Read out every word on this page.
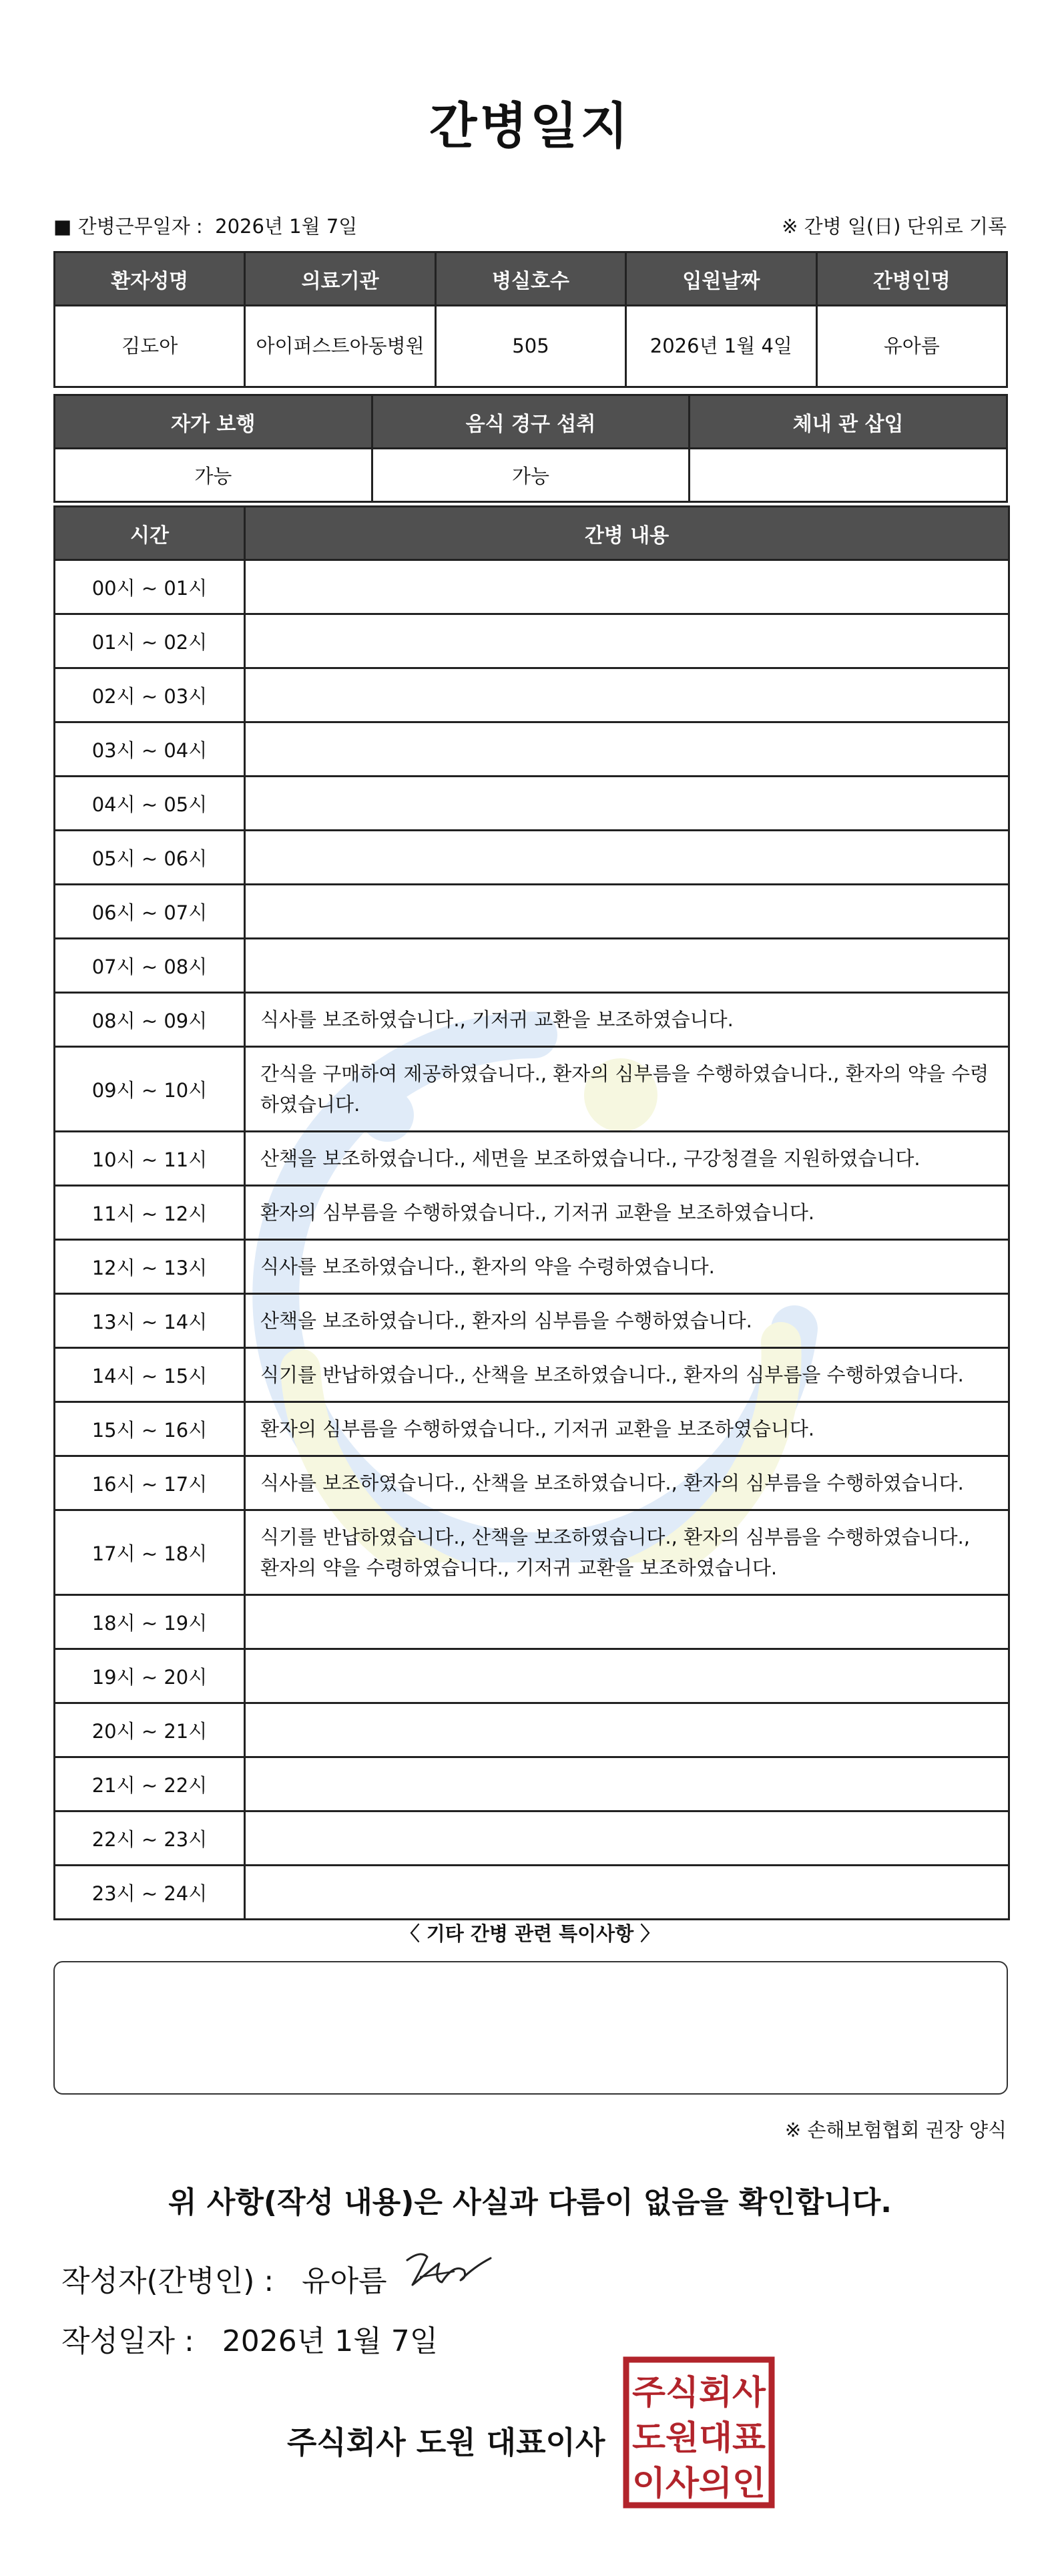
간병일지
■ 간병근무일자 : 2026년 1월 7일	※ 간병 일(日) 단위로 기록
환자성명	의료기관	병실호수	입원날짜	간병인명
김도아	아이퍼스트아동병원	505	2026년 1월 4일	유아름
자가 보행	음식 경구 섭취	체내 관 삽입
가능	가능	
시간	간병 내용
00시 ~ 01시	
01시 ~ 02시	
02시 ~ 03시	
03시 ~ 04시	
04시 ~ 05시	
05시 ~ 06시	
06시 ~ 07시	
07시 ~ 08시	
08시 ~ 09시	식사를 보조하였습니다., 기저귀 교환을 보조하였습니다.
09시 ~ 10시	간식을 구매하여 제공하였습니다., 환자의 심부름을 수행하였습니다., 환자의 약을 수령하였습니다.
10시 ~ 11시	산책을 보조하였습니다., 세면을 보조하였습니다., 구강청결을 지원하였습니다.
11시 ~ 12시	환자의 심부름을 수행하였습니다., 기저귀 교환을 보조하였습니다.
12시 ~ 13시	식사를 보조하였습니다., 환자의 약을 수령하였습니다.
13시 ~ 14시	산책을 보조하였습니다., 환자의 심부름을 수행하였습니다.
14시 ~ 15시	식기를 반납하였습니다., 산책을 보조하였습니다., 환자의 심부름을 수행하였습니다.
15시 ~ 16시	환자의 심부름을 수행하였습니다., 기저귀 교환을 보조하였습니다.
16시 ~ 17시	식사를 보조하였습니다., 산책을 보조하였습니다., 환자의 심부름을 수행하였습니다.
17시 ~ 18시	식기를 반납하였습니다., 산책을 보조하였습니다., 환자의 심부름을 수행하였습니다., 환자의 약을 수령하였습니다., 기저귀 교환을 보조하였습니다.
18시 ~ 19시	
19시 ~ 20시	
20시 ~ 21시	
21시 ~ 22시	
22시 ~ 23시	
23시 ~ 24시	
〈 기타 간병 관련 특이사항 〉
※ 손해보험협회 권장 양식
위 사항(작성 내용)은 사실과 다름이 없음을 확인합니다.
작성자(간병인) : 유아름
작성일자 : 2026년 1월 7일
주식회사 도원 대표이사
주식회사
도원대표
이사의인
